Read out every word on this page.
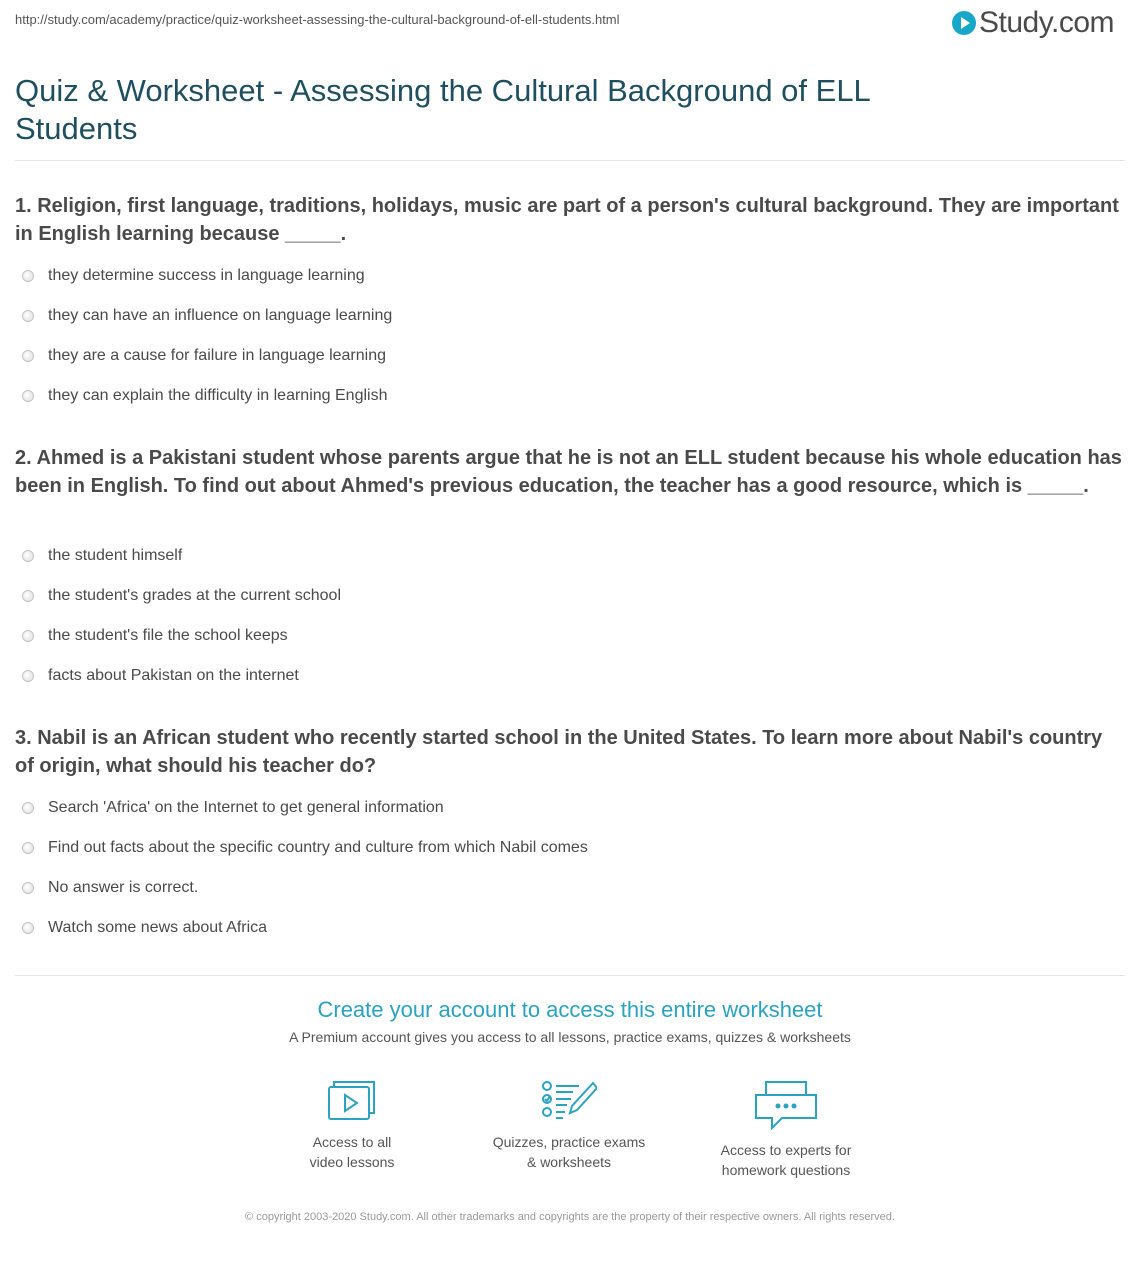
http://study.com/academy/practice/quiz-worksheet-assessing-the-cultural-background-of-ell-students.html	Study.com
Quiz & Worksheet - Assessing the Cultural Background of ELL Students

1. Religion, first language, traditions, holidays, music are part of a person's cultural background. They are important in English learning because _____.

they determine success in language learning
they can have an influence on language learning
they are a cause for failure in language learning
they can explain the difficulty in learning English

2. Ahmed is a Pakistani student whose parents argue that he is not an ELL student because his whole education has been in English. To find out about Ahmed's previous education, the teacher has a good resource, which is _____.

the student himself
the student's grades at the current school
the student's file the school keeps
facts about Pakistan on the internet

3. Nabil is an African student who recently started school in the United States. To learn more about Nabil's country of origin, what should his teacher do?

Search 'Africa' on the Internet to get general information
Find out facts about the specific country and culture from which Nabil comes
No answer is correct.
Watch some news about Africa
Create your account to access this entire worksheet
A Premium account gives you access to all lessons, practice exams, quizzes & worksheets
Access to all
video lessons
Quizzes, practice exams
& worksheets
Access to experts for
homework questions
© copyright 2003-2020 Study.com. All other trademarks and copyrights are the property of their respective owners. All rights reserved.
